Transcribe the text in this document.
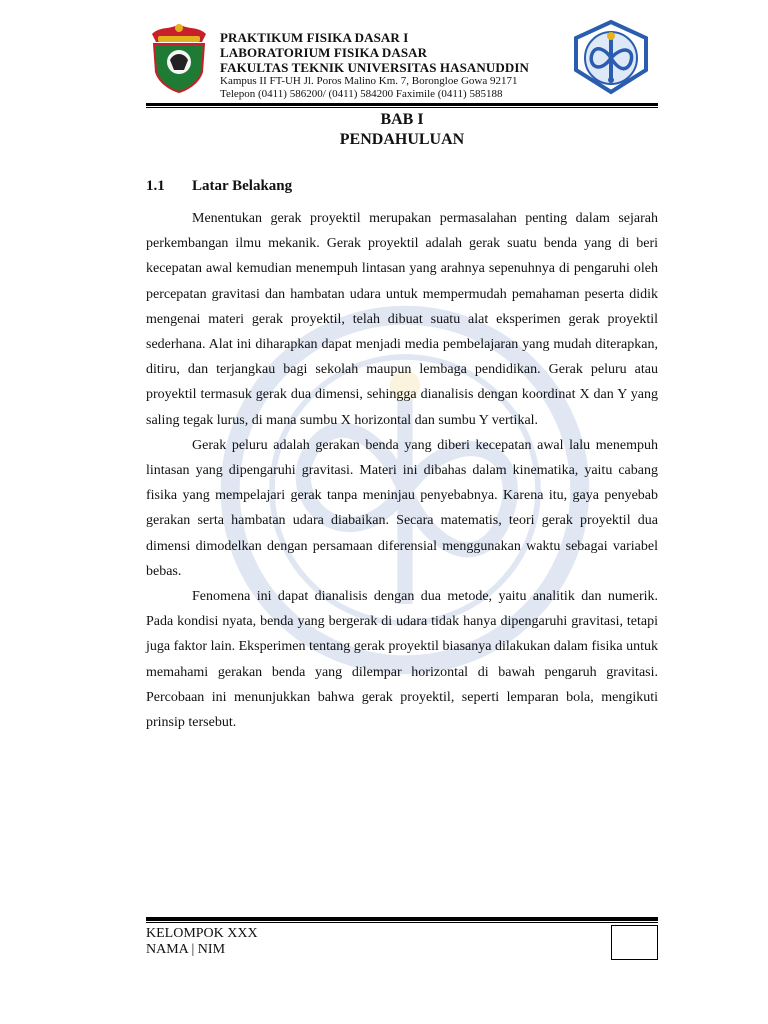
PRAKTIKUM FISIKA DASAR I
LABORATORIUM FISIKA DASAR
FAKULTAS TEKNIK UNIVERSITAS HASANUDDIN
Kampus II FT-UH Jl. Poros Malino Km. 7, Borongloe Gowa 92171
Telepon (0411) 586200/ (0411) 584200 Faximile (0411) 585188
BAB I
PENDAHULUAN
1.1 Latar Belakang

Menentukan gerak proyektil merupakan permasalahan penting dalam sejarah perkembangan ilmu mekanik. Gerak proyektil adalah gerak suatu benda yang di beri kecepatan awal kemudian menempuh lintasan yang arahnya sepenuhnya di pengaruhi oleh percepatan gravitasi dan hambatan udara untuk mempermudah pemahaman peserta didik mengenai materi gerak proyektil, telah dibuat suatu alat eksperimen gerak proyektil sederhana. Alat ini diharapkan dapat menjadi media pembelajaran yang mudah diterapkan, ditiru, dan terjangkau bagi sekolah maupun lembaga pendidikan. Gerak peluru atau proyektil termasuk gerak dua dimensi, sehingga dianalisis dengan koordinat X dan Y yang saling tegak lurus, di mana sumbu X horizontal dan sumbu Y vertikal.

Gerak peluru adalah gerakan benda yang diberi kecepatan awal lalu menempuh lintasan yang dipengaruhi gravitasi. Materi ini dibahas dalam kinematika, yaitu cabang fisika yang mempelajari gerak tanpa meninjau penyebabnya. Karena itu, gaya penyebab gerakan serta hambatan udara diabaikan. Secara matematis, teori gerak proyektil dua dimensi dimodelkan dengan persamaan diferensial menggunakan waktu sebagai variabel bebas.

Fenomena ini dapat dianalisis dengan dua metode, yaitu analitik dan numerik. Pada kondisi nyata, benda yang bergerak di udara tidak hanya dipengaruhi gravitasi, tetapi juga faktor lain. Eksperimen tentang gerak proyektil biasanya dilakukan dalam fisika untuk memahami gerakan benda yang dilempar horizontal di bawah pengaruh gravitasi. Percobaan ini menunjukkan bahwa gerak proyektil, seperti lemparan bola, mengikuti prinsip tersebut.

KELOMPOK XXX
NAMA | NIM
